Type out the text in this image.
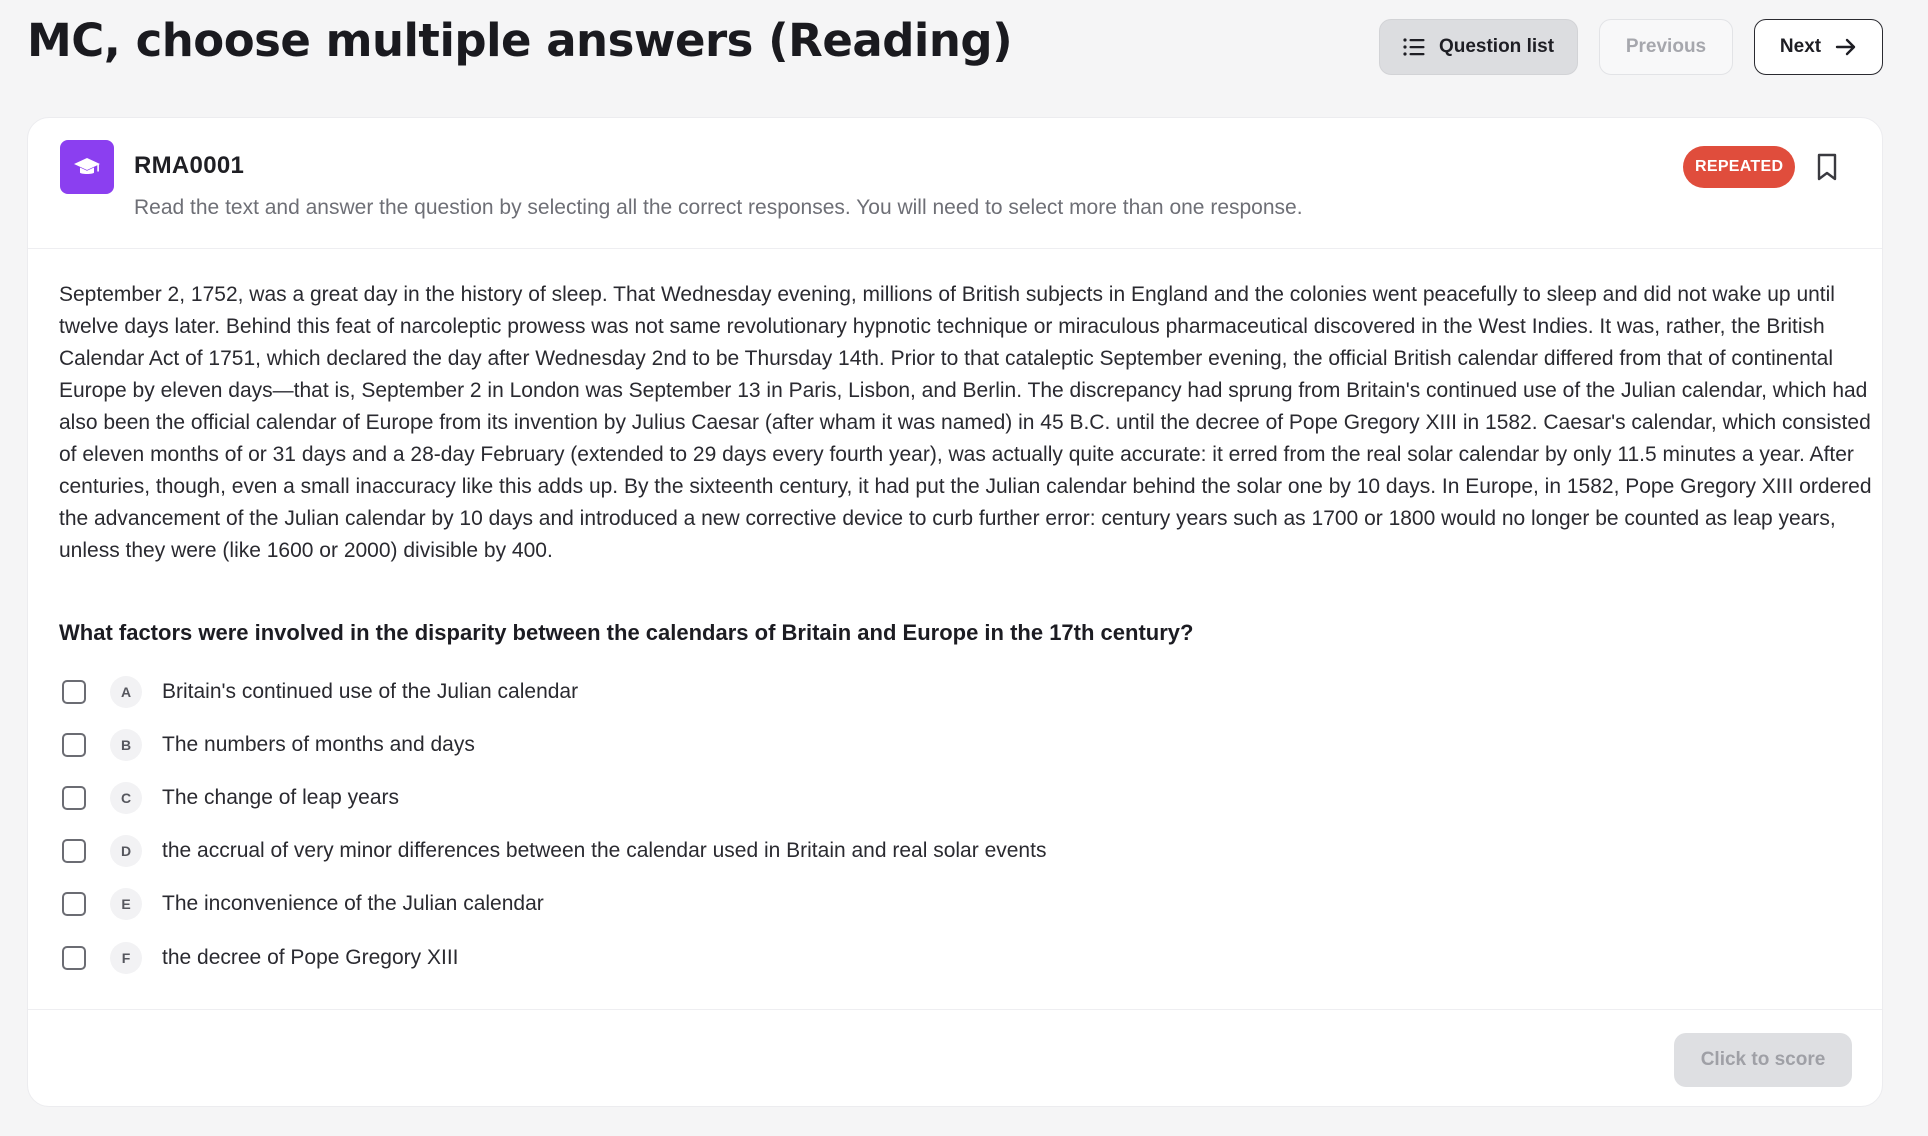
MC, choose multiple answers (Reading)	Question list	Previous	Next
RMA0001
Read the text and answer the question by selecting all the correct responses. You will need to select more than one response.
REPEATED

September 2, 1752, was a great day in the history of sleep. That Wednesday evening, millions of British subjects in England and the colonies went peacefully to sleep and did not wake up until twelve days later. Behind this feat of narcoleptic prowess was not same revolutionary hypnotic technique or miraculous pharmaceutical discovered in the West Indies. It was, rather, the British Calendar Act of 1751, which declared the day after Wednesday 2nd to be Thursday 14th. Prior to that cataleptic September evening, the official British calendar differed from that of continental Europe by eleven days—that is, September 2 in London was September 13 in Paris, Lisbon, and Berlin. The discrepancy had sprung from Britain's continued use of the Julian calendar, which had also been the official calendar of Europe from its invention by Julius Caesar (after wham it was named) in 45 B.C. until the decree of Pope Gregory XIII in 1582. Caesar's calendar, which consisted of eleven months of or 31 days and a 28-day February (extended to 29 days every fourth year), was actually quite accurate: it erred from the real solar calendar by only 11.5 minutes a year. After centuries, though, even a small inaccuracy like this adds up. By the sixteenth century, it had put the Julian calendar behind the solar one by 10 days. In Europe, in 1582, Pope Gregory XIII ordered the advancement of the Julian calendar by 10 days and introduced a new corrective device to curb further error: century years such as 1700 or 1800 would no longer be counted as leap years, unless they were (like 1600 or 2000) divisible by 400.

What factors were involved in the disparity between the calendars of Britain and Europe in the 17th century?
A	Britain's continued use of the Julian calendar
B	The numbers of months and days
C	The change of leap years
D	the accrual of very minor differences between the calendar used in Britain and real solar events
E	The inconvenience of the Julian calendar
F	the decree of Pope Gregory XIII
Click to score
